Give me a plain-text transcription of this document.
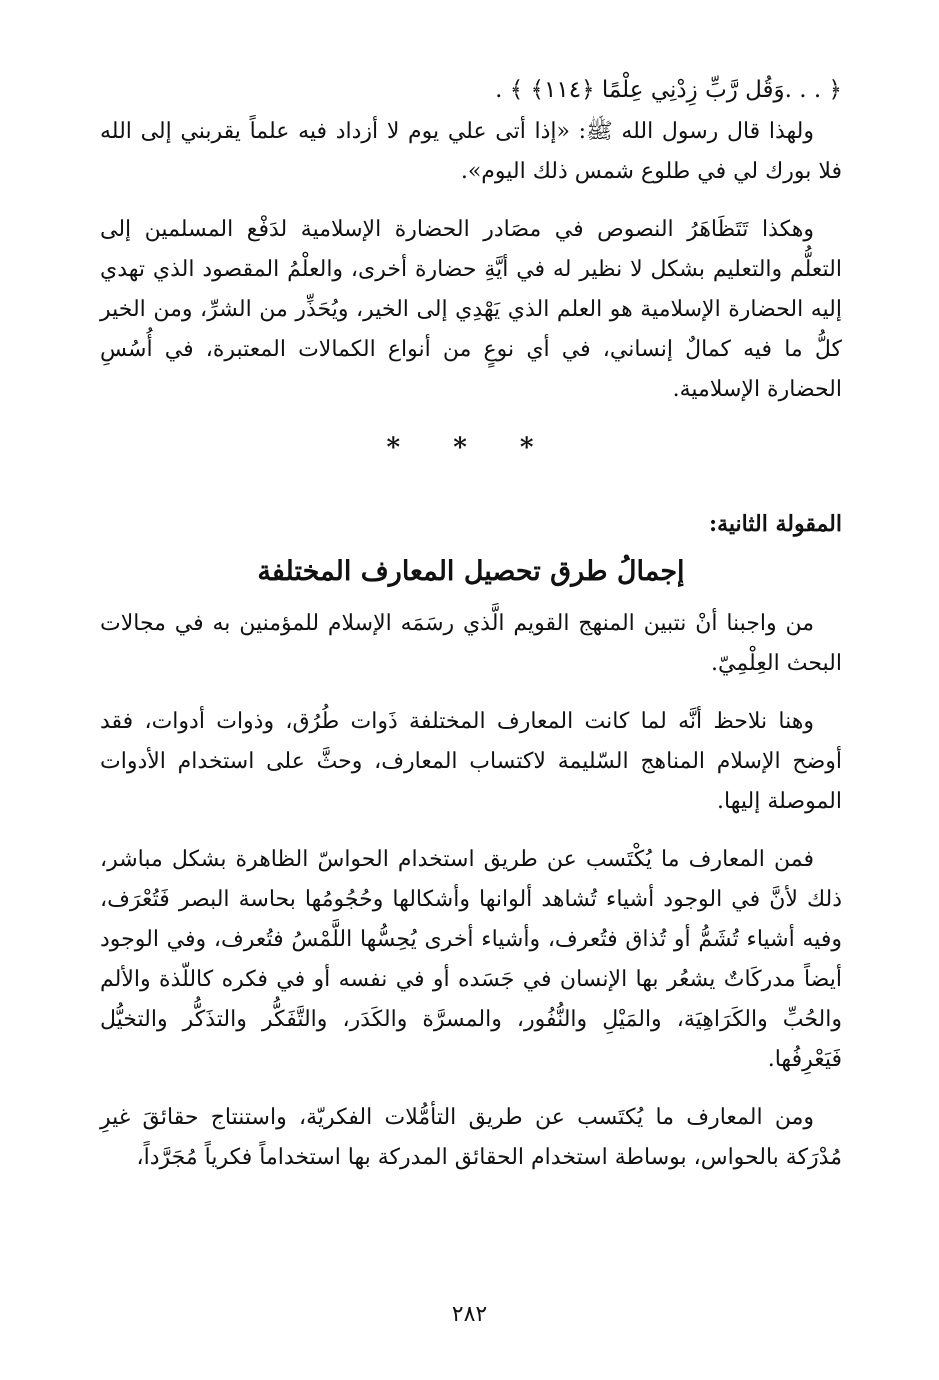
﴿ . . .وَقُل رَّبِّ زِدْنِي عِلْمًا ﴿١١٤﴾ ﴾ .

ولهذا قال رسول الله ﷺ: «إذا أتى علي يوم لا أزداد فيه علماً يقربني إلى الله فلا بورك لي في طلوع شمس ذلك اليوم».

وهكذا تَتَظَاهَرُ النصوص في مصَادر الحضارة الإسلامية لدَفْع المسلمين إلى التعلُّم والتعليم بشكل لا نظير له في أيَّةِ حضارة أخرى، والعلْمُ المقصود الذي تهدي إليه الحضارة الإسلامية هو العلم الذي يَهْدِي إلى الخير، ويُحَذِّر من الشرِّ، ومن الخير كلُّ ما فيه كمالٌ إنساني، في أي نوعٍ من أنواع الكمالات المعتبرة، في أُسُسِ الحضارة الإسلامية.

* * *

المقولة الثانية:

إجمالُ طرق تحصيل المعارف المختلفة

من واجبنا أنْ نتبين المنهج القويم الَّذي رسَمَه الإسلام للمؤمنين به في مجالات البحث العِلْمِيّ.

وهنا نلاحظ أنَّه لما كانت المعارف المختلفة ذَوات طُرُق، وذوات أدوات، فقد أوضح الإسلام المناهج السّليمة لاكتساب المعارف، وحثَّ على استخدام الأدوات الموصلة إليها.

فمن المعارف ما يُكْتَسب عن طريق استخدام الحواسّ الظاهرة بشكل مباشر، ذلك لأنَّ في الوجود أشياء تُشاهد ألوانها وأشكالها وحُجُومُها بحاسة البصر فَتُعْرَف، وفيه أشياء تُشَمُّ أو تُذاق فتُعرف، وأشياء أخرى يُحِسُّها اللَّمْسُ فتُعرف، وفي الوجود أيضاً مدركَاتٌ يشعُر بها الإنسان في جَسَده أو في نفسه أو في فكره كاللّذة والألم والحُبِّ والكَرَاهِيَة، والمَيْلِ والنُّفُور، والمسرَّة والكَدَر، والتَّفَكُّر والتذَكُّر والتخيُّل فَيَعْرِفُها.

ومن المعارف ما يُكتَسب عن طريق التأمُّلات الفكريّة، واستنتاج حقائقَ غيرِ مُدْرَكة بالحواس، بوساطة استخدام الحقائق المدركة بها استخداماً فكرياً مُجَرَّداً،

٢٨٢
